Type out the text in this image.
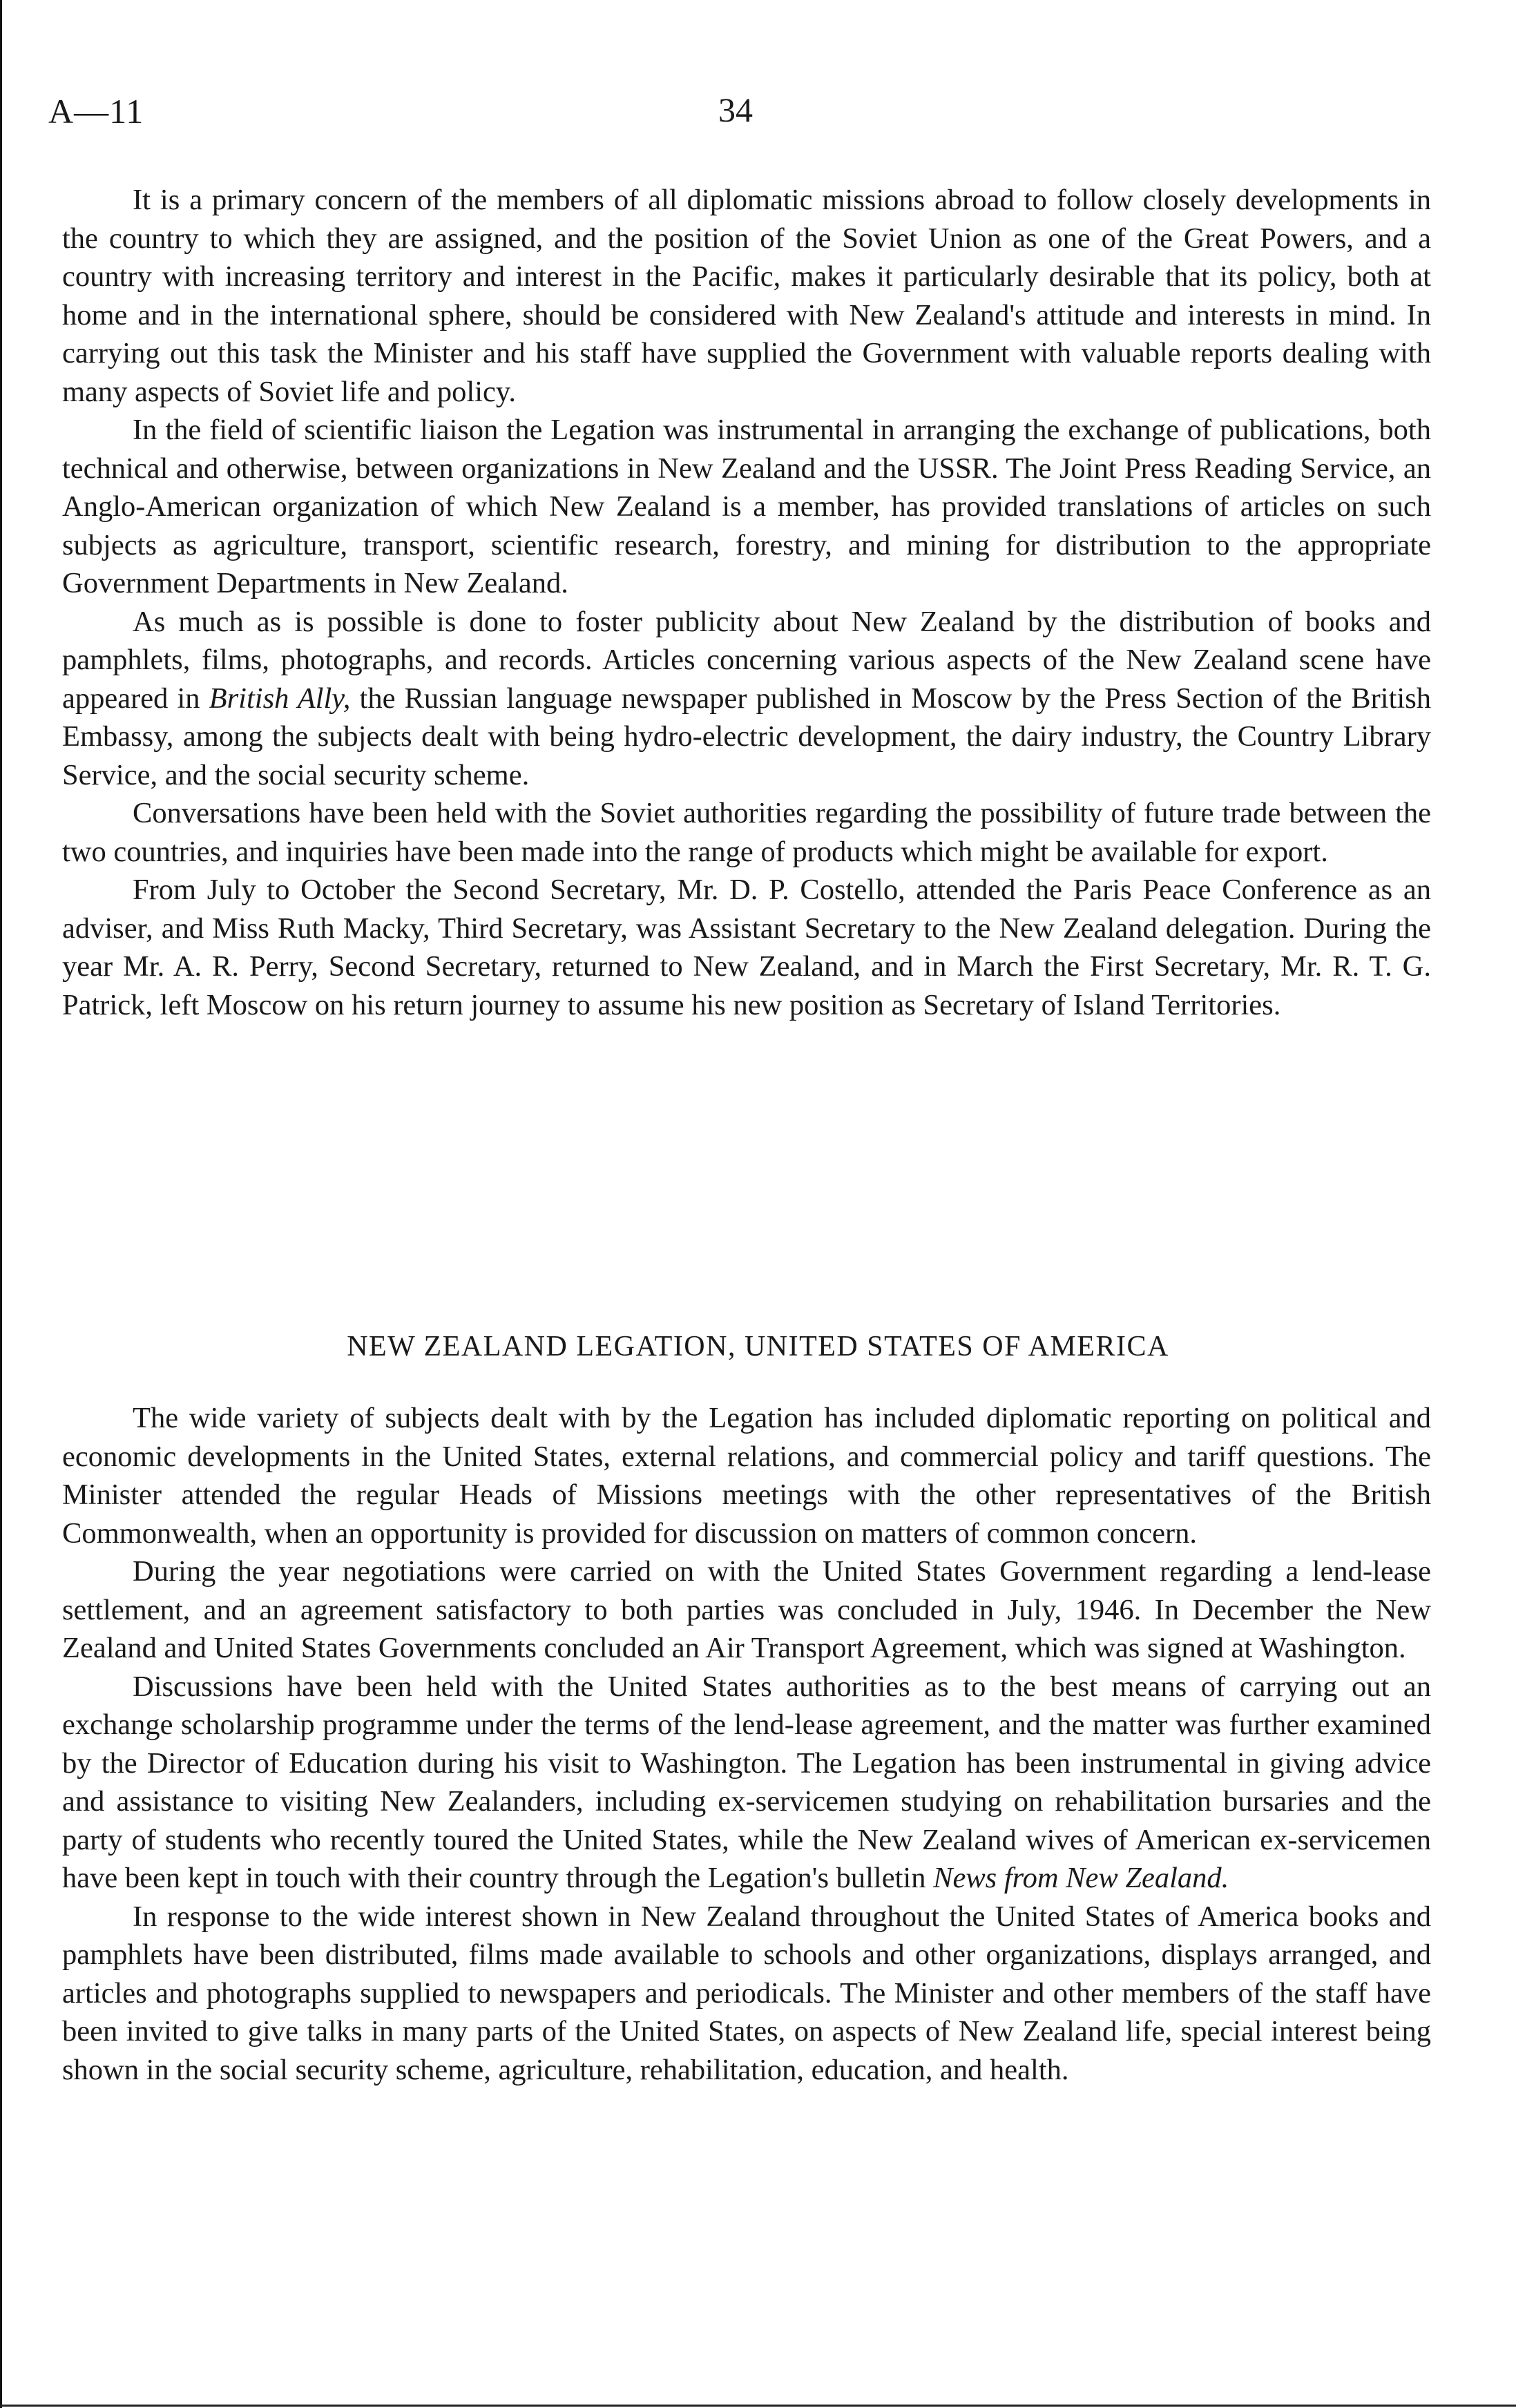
A—11	34

It is a primary concern of the members of all diplomatic missions abroad to follow closely developments in the country to which they are assigned, and the position of the Soviet Union as one of the Great Powers, and a country with increasing territory and interest in the Pacific, makes it particularly desirable that its policy, both at home and in the international sphere, should be considered with New Zealand's attitude and interests in mind. In carrying out this task the Minister and his staff have supplied the Government with valuable reports dealing with many aspects of Soviet life and policy.

In the field of scientific liaison the Legation was instrumental in arranging the exchange of publications, both technical and otherwise, between organizations in New Zealand and the USSR. The Joint Press Reading Service, an Anglo-American organization of which New Zealand is a member, has provided translations of articles on such subjects as agriculture, transport, scientific research, forestry, and mining for distribution to the appropriate Government Departments in New Zealand.

As much as is possible is done to foster publicity about New Zealand by the distribution of books and pamphlets, films, photographs, and records. Articles concerning various aspects of the New Zealand scene have appeared in British Ally, the Russian language newspaper published in Moscow by the Press Section of the British Embassy, among the subjects dealt with being hydro-electric development, the dairy industry, the Country Library Service, and the social security scheme.

Conversations have been held with the Soviet authorities regarding the possibility of future trade between the two countries, and inquiries have been made into the range of products which might be available for export.

From July to October the Second Secretary, Mr. D. P. Costello, attended the Paris Peace Conference as an adviser, and Miss Ruth Macky, Third Secretary, was Assistant Secretary to the New Zealand delegation. During the year Mr. A. R. Perry, Second Secretary, returned to New Zealand, and in March the First Secretary, Mr. R. T. G. Patrick, left Moscow on his return journey to assume his new position as Secretary of Island Territories.

NEW ZEALAND LEGATION, UNITED STATES OF AMERICA

The wide variety of subjects dealt with by the Legation has included diplomatic reporting on political and economic developments in the United States, external relations, and commercial policy and tariff questions. The Minister attended the regular Heads of Missions meetings with the other representatives of the British Commonwealth, when an opportunity is provided for discussion on matters of common concern.

During the year negotiations were carried on with the United States Government regarding a lend-lease settlement, and an agreement satisfactory to both parties was concluded in July, 1946. In December the New Zealand and United States Governments concluded an Air Transport Agreement, which was signed at Washington.

Discussions have been held with the United States authorities as to the best means of carrying out an exchange scholarship programme under the terms of the lend-lease agreement, and the matter was further examined by the Director of Education during his visit to Washington. The Legation has been instrumental in giving advice and assistance to visiting New Zealanders, including ex-servicemen studying on rehabilitation bursaries and the party of students who recently toured the United States, while the New Zealand wives of American ex-servicemen have been kept in touch with their country through the Legation's bulletin News from New Zealand.

In response to the wide interest shown in New Zealand throughout the United States of America books and pamphlets have been distributed, films made available to schools and other organizations, displays arranged, and articles and photographs supplied to newspapers and periodicals. The Minister and other members of the staff have been invited to give talks in many parts of the United States, on aspects of New Zealand life, special interest being shown in the social security scheme, agriculture, rehabilitation, education, and health.
